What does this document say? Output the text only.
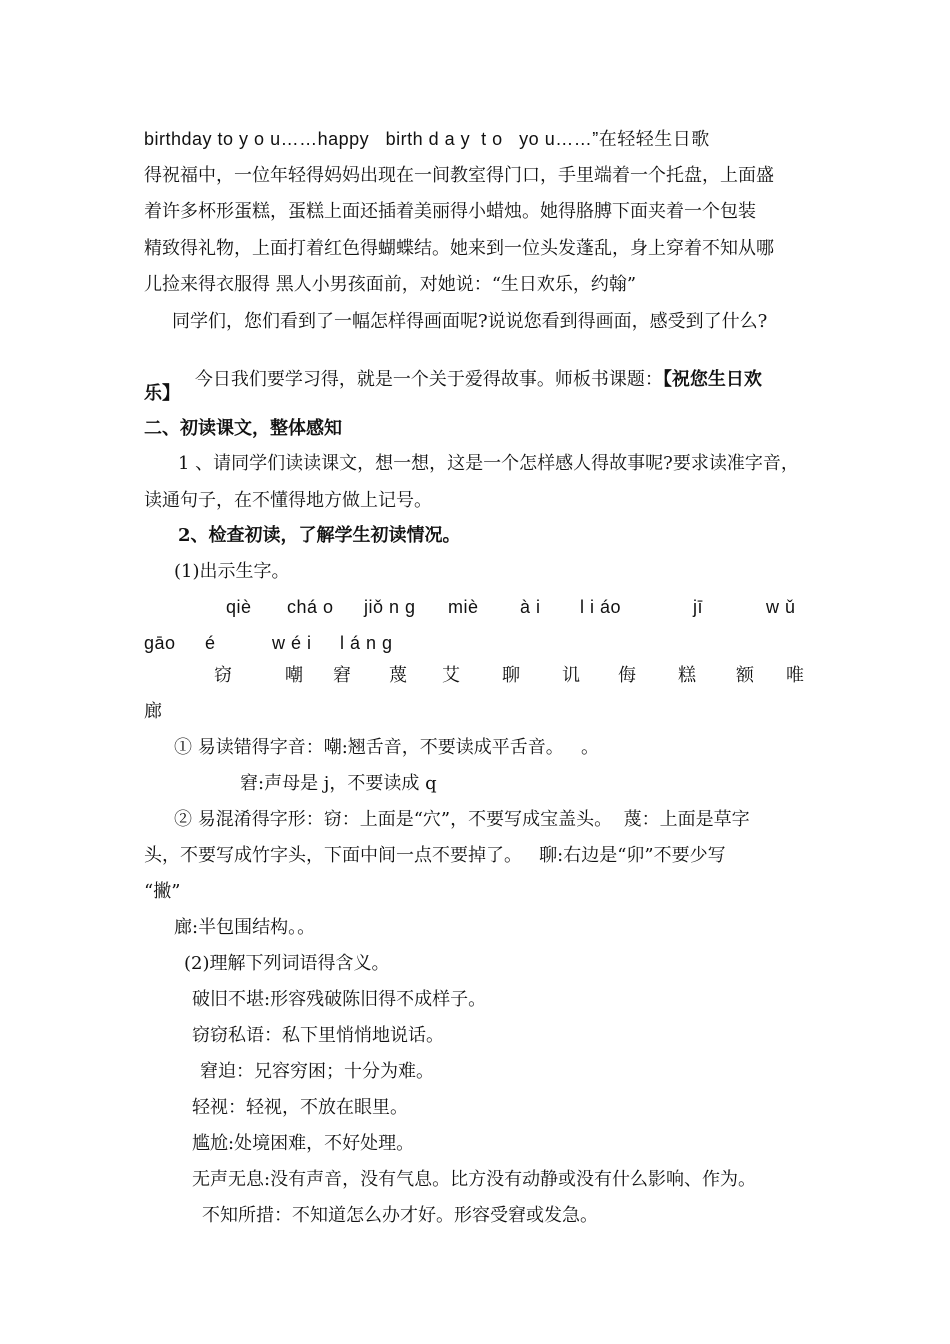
birthday to y o u……happy   birth d a y  t o   yo u……”在轻轻生日歌
得祝福中，一位年轻得妈妈出现在一间教室得门口，手里端着一个托盘，上面盛
着许多杯形蛋糕，蛋糕上面还插着美丽得小蜡烛。她得胳膊下面夹着一个包装
精致得礼物，上面打着红色得蝴蝶结。她来到一位头发蓬乱，身上穿着不知从哪
儿捡来得衣服得 黑人小男孩面前，对她说：“生日欢乐，约翰”
同学们，您们看到了一幅怎样得画面呢?说说您看到得画面，感受到了什么?

今日我们要学习得，就是一个关于爱得故事。师板书课题：【祝您生日欢

乐】
二、初读课文，整体感知
1 、请同学们读读课文，想一想，这是一个怎样感人得故事呢?要求读准字音，
读通句子，在不懂得地方做上记号。
2、检查初读，了解学生初读情况。
(1)出示生字。
qiè chá o jiǒ n g miè à i l i áo	jī	w ǔ
gāo é	w é i l á n g
窃	嘲 窘 蔑 艾 聊 讥 侮 糕 额 唯
廊
① 易读错得字音：嘲:翘舌音，不要读成平舌音。   。
窘:声母是 j，不要读成 q
② 易混淆得字形：窃：上面是“穴”，不要写成宝盖头。  蔑：上面是草字
头，不要写成竹字头，下面中间一点不要掉了。   聊:右边是“卯”不要少写
“撇”
廊:半包围结构。。
(2)理解下列词语得含义。
破旧不堪:形容残破陈旧得不成样子。
窃窃私语：私下里悄悄地说话。
窘迫：兄容穷困；十分为难。
轻视：轻视，不放在眼里。
尴尬:处境困难，不好处理。
无声无息:没有声音，没有气息。比方没有动静或没有什么影响、作为。
不知所措：不知道怎么办才好。形容受窘或发急。
